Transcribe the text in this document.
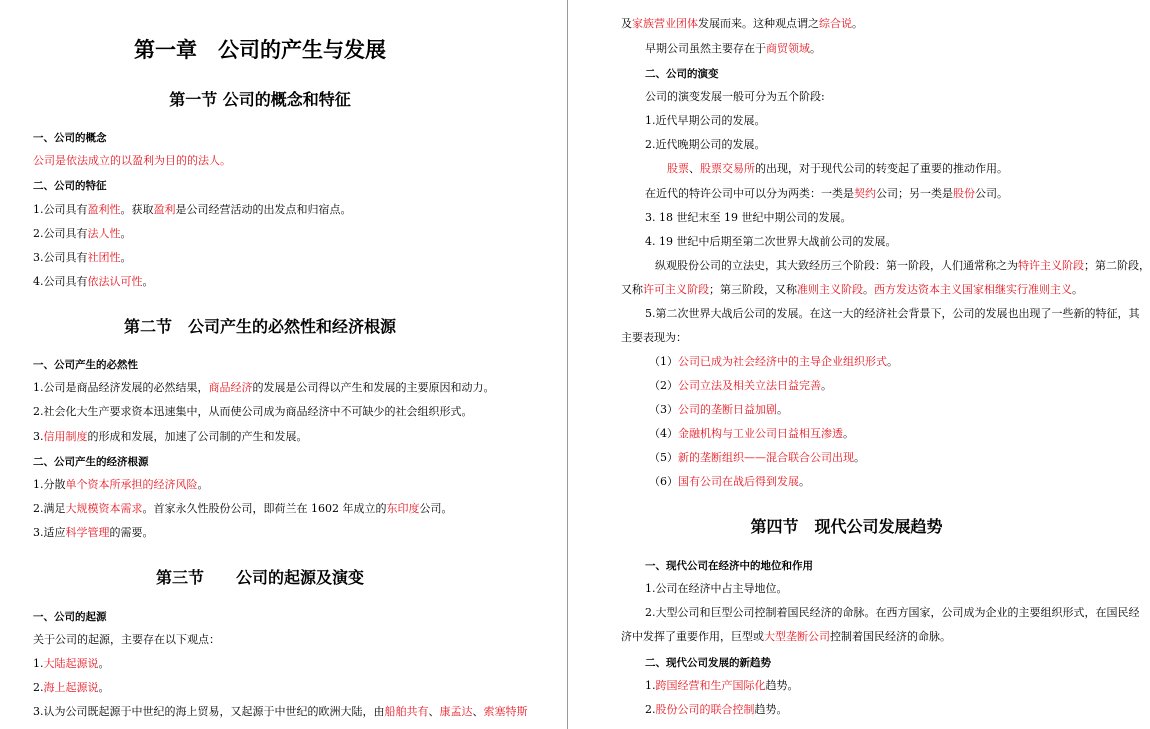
第一章　公司的产生与发展
第一节 公司的概念和特征
一、公司的概念
公司是依法成立的以盈利为目的的法人。
二、公司的特征
1.公司具有盈利性。获取盈利是公司经营活动的出发点和归宿点。
2.公司具有法人性。
3.公司具有社团性。
4.公司具有依法认可性。
第二节　公司产生的必然性和经济根源
一、公司产生的必然性
1.公司是商品经济发展的必然结果，商品经济的发展是公司得以产生和发展的主要原因和动力。
2.社会化大生产要求资本迅速集中，从而使公司成为商品经济中不可缺少的社会组织形式。
3.信用制度的形成和发展，加速了公司制的产生和发展。
二、公司产生的经济根源
1.分散单个资本所承担的经济风险。
2.满足大规模资本需求。首家永久性股份公司，即荷兰在 1602 年成立的东印度公司。
3.适应科学管理的需要。
第三节　　公司的起源及演变
一、公司的起源
关于公司的起源，主要存在以下观点：
1.大陆起源说。
2.海上起源说。
3.认为公司既起源于中世纪的海上贸易，又起源于中世纪的欧洲大陆，由船舶共有、康孟达、索塞特斯
及家族营业团体发展而来。这种观点谓之综合说。
早期公司虽然主要存在于商贸领域。
二、公司的演变
公司的演变发展一般可分为五个阶段:
1.近代早期公司的发展。
2.近代晚期公司的发展。
股票、股票交易所的出现，对于现代公司的转变起了重要的推动作用。
在近代的特许公司中可以分为两类：一类是契约公司；另一类是股份公司。
3. 18 世纪末至 19 世纪中期公司的发展。
4. 19 世纪中后期至第二次世界大战前公司的发展。
纵观股份公司的立法史，其大致经历三个阶段：第一阶段，人们通常称之为特许主义阶段；第二阶段，
又称许可主义阶段；第三阶段，又称准则主义阶段。西方发达资本主义国家相继实行准则主义。
5.第二次世界大战后公司的发展。在这一大的经济社会背景下，公司的发展也出现了一些新的特征，其
主要表现为：
（1）公司已成为社会经济中的主导企业组织形式。
（2）公司立法及相关立法日益完善。
（3）公司的垄断日益加剧。
（4）金融机构与工业公司日益相互渗透。
（5）新的垄断组织——混合联合公司出现。
（6）国有公司在战后得到发展。
第四节　现代公司发展趋势
一、现代公司在经济中的地位和作用
1.公司在经济中占主导地位。
2.大型公司和巨型公司控制着国民经济的命脉。在西方国家，公司成为企业的主要组织形式，在国民经
济中发挥了重要作用，巨型或大型垄断公司控制着国民经济的命脉。
二、现代公司发展的新趋势
1.跨国经营和生产国际化趋势。
2.股份公司的联合控制趋势。
